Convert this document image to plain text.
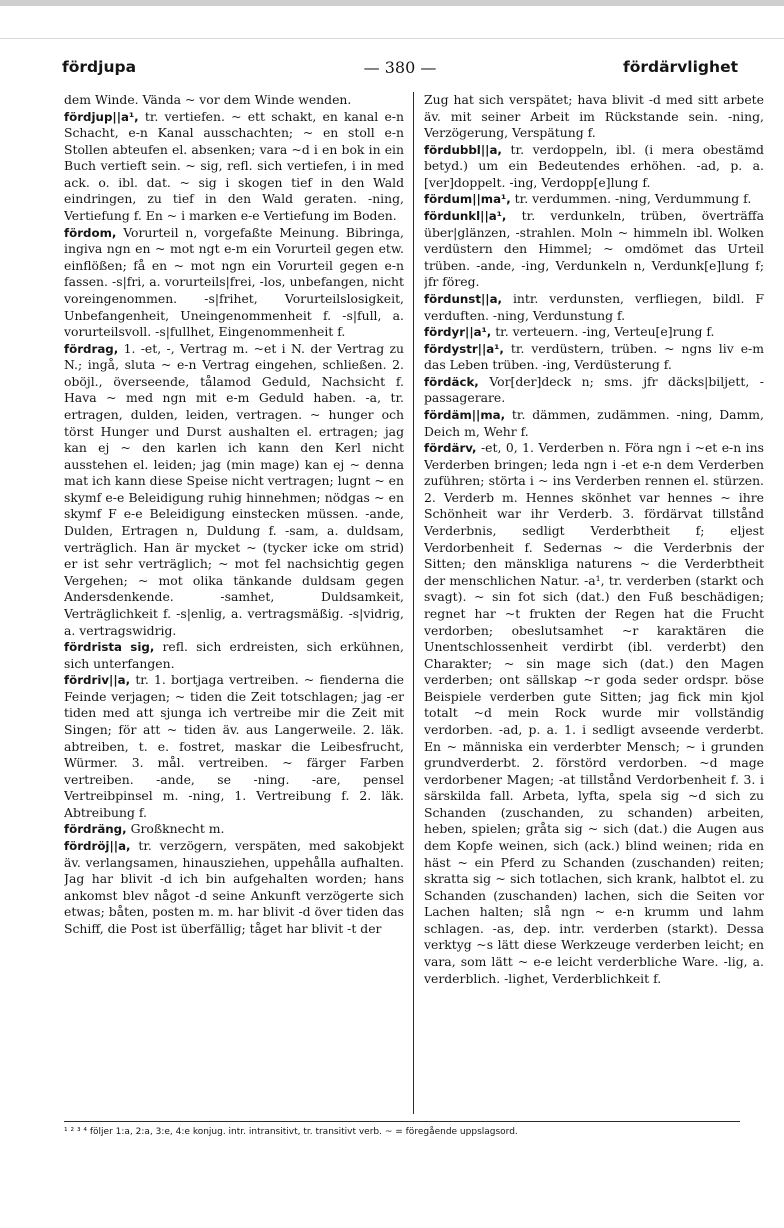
fördjupa	— 380 —	fördärvlighet

dem Winde. Vända ~ vor dem Winde wenden.

fördjup||a¹, tr. vertiefen. ~ ett schakt, en kanal e-n Schacht, e-n Kanal ausschachten; ~ en stoll e-n Stollen abteufen el. absenken; vara ~d i en bok in ein Buch vertieft sein. ~ sig, refl. sich vertiefen, i in med ack. o. ibl. dat. ~ sig i skogen tief in den Wald eindringen, zu tief in den Wald geraten. -ning, Vertiefung f. En ~ i marken e-e Vertiefung im Boden.

fördom, Vorurteil n, vorgefaßte Meinung. Bibringa, ingiva ngn en ~ mot ngt e-m ein Vorurteil gegen etw. einflößen; få en ~ mot ngn ein Vorurteil gegen e-n fassen. -s|fri, a. vorurteils|frei, -los, unbefangen, nicht voreingenommen. -s|frihet, Vorurteilslosigkeit, Unbefangenheit, Uneingenommenheit f. -s|full, a. vorurteilsvoll. -s|fullhet, Eingenommenheit f.

fördrag, 1. -et, -, Vertrag m. ~et i N. der Vertrag zu N.; ingå, sluta ~ e-n Vertrag eingehen, schließen. 2. oböjl., överseende, tålamod Geduld, Nachsicht f. Hava ~ med ngn mit e-m Geduld haben. -a, tr. ertragen, dulden, leiden, vertragen. ~ hunger och törst Hunger und Durst aushalten el. ertragen; jag kan ej ~ den karlen ich kann den Kerl nicht ausstehen el. leiden; jag (min mage) kan ej ~ denna mat ich kann diese Speise nicht vertragen; lugnt ~ en skymf e-e Beleidigung ruhig hinnehmen; nödgas ~ en skymf F e-e Beleidigung einstecken müssen. -ande, Dulden, Ertragen n, Duldung f. -sam, a. duldsam, verträglich. Han är mycket ~ (tycker icke om strid) er ist sehr verträglich; ~ mot fel nachsichtig gegen Vergehen; ~ mot olika tänkande duldsam gegen Andersdenkende. -samhet, Duldsamkeit, Verträglichkeit f. -s|enlig, a. vertragsmäßig. -s|vidrig, a. vertragswidrig.

fördrista sig, refl. sich erdreisten, sich erkühnen, sich unterfangen.

fördriv||a, tr. 1. bortjaga vertreiben. ~ fienderna die Feinde verjagen; ~ tiden die Zeit totschlagen; jag -er tiden med att sjunga ich vertreibe mir die Zeit mit Singen; för att ~ tiden äv. aus Langerweile. 2. läk. abtreiben, t. e. fostret, maskar die Leibesfrucht, Würmer. 3. mål. vertreiben. ~ färger Farben vertreiben. -ande, se -ning. -are, pensel Vertreibpinsel m. -ning, 1. Vertreibung f. 2. läk. Abtreibung f.

fördräng, Großknecht m.

fördröj||a, tr. verzögern, verspäten, med sakobjekt äv. verlangsamen, hinausziehen, uppehålla aufhalten. Jag har blivit -d ich bin aufgehalten worden; hans ankomst blev något -d seine Ankunft verzögerte sich etwas; båten, posten m. m. har blivit -d över tiden das Schiff, die Post ist überfällig; tåget har blivit -t der

Zug hat sich verspätet; hava blivit -d med sitt arbete äv. mit seiner Arbeit im Rückstande sein. -ning, Verzögerung, Verspätung f.

fördubbl||a, tr. verdoppeln, ibl. (i mera obestämd betyd.) um ein Bedeutendes erhöhen. -ad, p. a. [ver]doppelt. -ing, Verdopp[e]lung f.

fördum||ma¹, tr. verdummen. -ning, Verdummung f.

fördunkl||a¹, tr. verdunkeln, trüben, överträffa über|glänzen, -strahlen. Moln ~ himmeln ibl. Wolken verdüstern den Himmel; ~ omdömet das Urteil trüben. -ande, -ing, Verdunkeln n, Verdunk[e]lung f; jfr föreg.

fördunst||a, intr. verdunsten, verfliegen, bildl. F verduften. -ning, Verdunstung f.

fördyr||a¹, tr. verteuern. -ing, Verteu[e]rung f.

fördystr||a¹, tr. verdüstern, trüben. ~ ngns liv e-m das Leben trüben. -ing, Verdüsterung f.

fördäck, Vor[der]deck n; sms. jfr däcks|biljett, -passagerare.

fördäm||ma, tr. dämmen, zudämmen. -ning, Damm, Deich m, Wehr f.

fördärv, -et, 0, 1. Verderben n. Föra ngn i ~et e-n ins Verderben bringen; leda ngn i -et e-n dem Verderben zuführen; störta i ~ ins Verderben rennen el. stürzen. 2. Verderb m. Hennes skönhet var hennes ~ ihre Schönheit war ihr Verderb. 3. fördärvat tillstånd Verderbnis, sedligt Verderbtheit f; eljest Verdorbenheit f. Sedernas ~ die Verderbnis der Sitten; den mänskliga naturens ~ die Verderbtheit der menschlichen Natur. -a¹, tr. verderben (starkt och svagt). ~ sin fot sich (dat.) den Fuß beschädigen; regnet har ~t frukten der Regen hat die Frucht verdorben; obeslutsamhet ~r karaktären die Unentschlossenheit verdirbt (ibl. verderbt) den Charakter; ~ sin mage sich (dat.) den Magen verderben; ont sällskap ~r goda seder ordspr. böse Beispiele verderben gute Sitten; jag fick min kjol totalt ~d mein Rock wurde mir vollständig verdorben. -ad, p. a. 1. i sedligt avseende verderbt. En ~ människa ein verderbter Mensch; ~ i grunden grundverderbt. 2. förstörd verdorben. ~d mage verdorbener Magen; -at tillstånd Verdorbenheit f. 3. i särskilda fall. Arbeta, lyfta, spela sig ~d sich zu Schanden (zuschanden, zu schanden) arbeiten, heben, spielen; gråta sig ~ sich (dat.) die Augen aus dem Kopfe weinen, sich (ack.) blind weinen; rida en häst ~ ein Pferd zu Schanden (zuschanden) reiten; skratta sig ~ sich totlachen, sich krank, halbtot el. zu Schanden (zuschanden) lachen, sich die Seiten vor Lachen halten; slå ngn ~ e-n krumm und lahm schlagen. -as, dep. intr. verderben (starkt). Dessa verktyg ~s lätt diese Werkzeuge verderben leicht; en vara, som lätt ~ e-e leicht verderbliche Ware. -lig, a. verderblich. -lighet, Verderblichkeit f.

¹ ² ³ ⁴ följer 1:a, 2:a, 3:e, 4:e konjug. intr. intransitivt, tr. transitivt verb. ~ = föregående uppslagsord.
